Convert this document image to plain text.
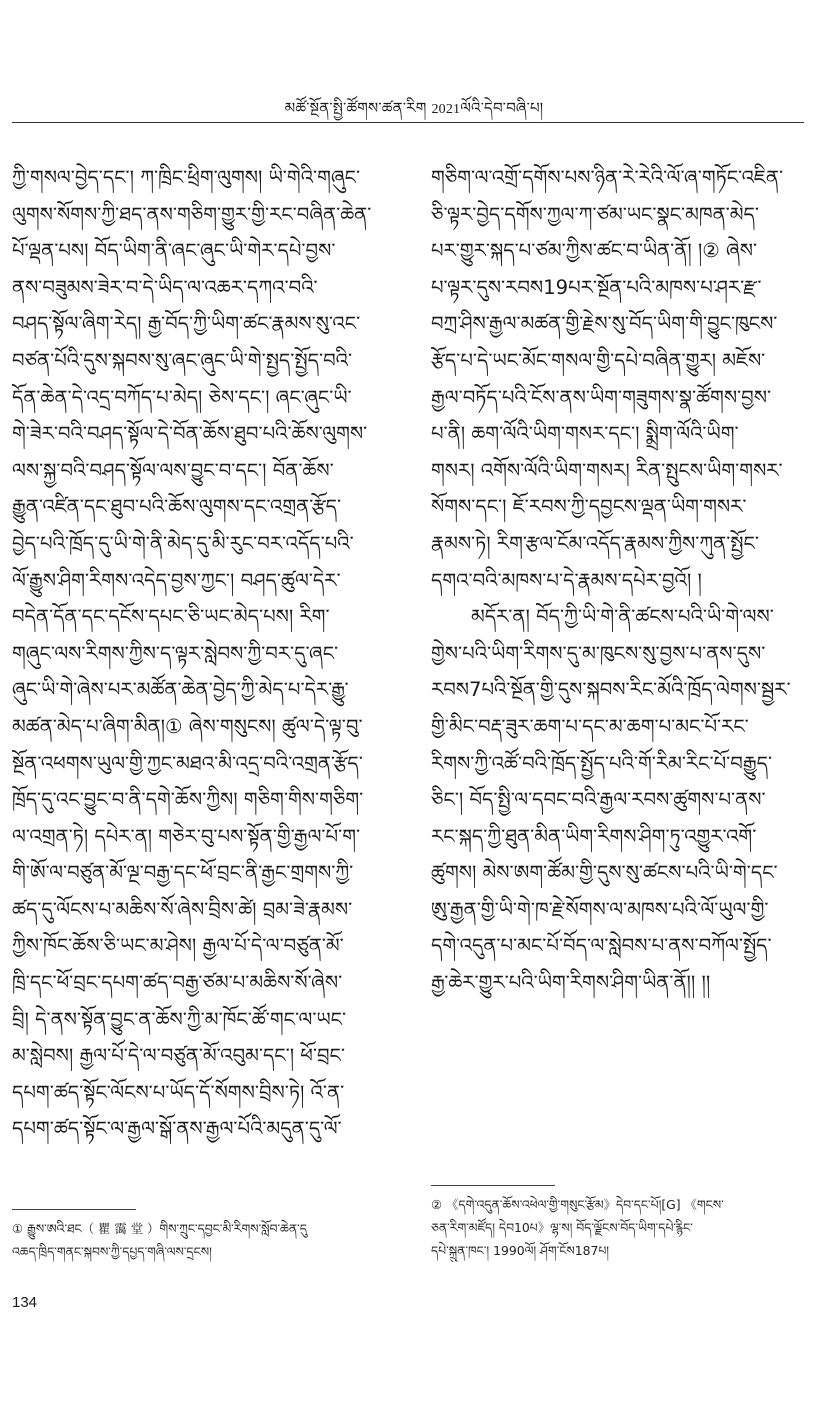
མཚོ་སྔོན་སྤྱི་ཚོགས་ཚན་རིག 2021ལོའི་དེབ་བཞི་པ།
ཀྱི་གསལ་བྱེད་དང་། ཀ་ཁྲིང་ཕྲིག་ལུགས། ཡི་གེའི་གཞུང་
ལུགས་སོགས་ཀྱི་ཐད་ནས་གཅིག་གྱུར་གྱི་རང་བཞིན་ཆེན་
པོ་ལྡན་པས། བོད་ཡིག་ནི་ཞང་ཞུང་ཡི་གེར་དཔེ་བྱས་
ནས་བཟུམས་ཟེར་བ་དེ་ཡིད་ལ་འཆར་དཀའ་བའི་
བཤད་སྟོལ་ཞིག་རེད། རྒྱ་བོད་ཀྱི་ཡིག་ཚང་རྣམས་སུ་འང་
བཙན་པོའི་དུས་སྐབས་སུ་ཞང་ཞུང་ཡི་གེ་སྤྱད་སྤྱོད་བའི་
དོན་ཆེན་དེ་འདྲ་བཀོད་པ་མེད། ཅེས་དང་། ཞང་ཞུང་ཡི་
གེ་ཟེར་བའི་བཤད་སྟོལ་དེ་བོན་ཆོས་ཐུབ་པའི་ཆོས་ལུགས་
ལས་སྐྱ་བའི་བཤད་སྟོལ་ལས་བྱུང་བ་དང་། བོན་ཆོས་
རྒྱུན་འཛིན་དང་ཐུབ་པའི་ཆོས་ལུགས་དང་འགྲན་རྩོད་
བྱེད་པའི་ཁྲོད་དུ་ཡི་གེ་ནི་མེད་དུ་མི་རུང་བར་འདོད་པའི་
ལོ་རྒྱུས་ཤིག་རིགས་འདེད་བྱས་ཀྱང་། བཤད་ཚུལ་དེར་
བདེན་དོན་དང་དངོས་དཔང་ཅི་ཡང་མེད་པས། རིག་
གཞུང་ལས་རིགས་ཀྱིས་ད་ལྟར་སླེབས་ཀྱི་བར་དུ་ཞང་
ཞུང་ཡི་གེ་ཞེས་པར་མཚོན་ཆེན་བྱེད་ཀྱི་མེད་པ་དེར་རྒྱུ་
མཚན་མེད་པ་ཞིག་མིན།① ཞེས་གསུངས། ཚུལ་དེ་ལྟ་བུ་
སྔོན་འཕགས་ཡུལ་གྱི་ཀྱང་མཐའ་མི་འདྲ་བའི་འགྲན་རྩོད་
ཁྲོད་དུ་འང་བྱུང་བ་ནི་དགེ་ཆོས་ཀྱིས། གཅིག་གིས་གཅིག་
ལ་འགྲན་ཏེ། དཔེར་ན། གཅེར་བུ་པས་སྟོན་གྱི་རྒྱལ་པོ་ག་
གི་ཨོ་ལ་བཙུན་མོ་ལྔ་བརྒྱ་དང་ཕོ་བྲང་ནི་རྒྱང་གྲགས་ཀྱི་
ཚད་དུ་ལོངས་པ་མཆིས་སོ་ཞེས་བྲིས་ཚེ། བྲམ་ཟེ་རྣམས་
ཀྱིས་ཁོང་ཆོས་ཅི་ཡང་མ་ཤེས། རྒྱལ་པོ་དེ་ལ་བཙུན་མོ་
ཁྲི་དང་ཕོ་བྲང་དཔག་ཚད་བརྒྱ་ཙམ་པ་མཆིས་སོ་ཞེས་
བྲི། དེ་ནས་སྟོན་བྱུང་ན་ཆོས་ཀྱི་མ་ཁོང་ཚོ་གང་ལ་ཡང་
མ་སླེབས། རྒྱལ་པོ་དེ་ལ་བཙུན་མོ་འབུམ་དང་། ཕོ་བྲང་
དཔག་ཚད་སྟོང་ལོངས་པ་ཡོད་དོ་སོགས་བྲིས་ཏེ། འོ་ན་
དཔག་ཚད་སྟོང་ལ་རྒྱལ་སྒོ་ནས་རྒྱལ་པོའི་མདུན་དུ་ལོ་
གཅིག་ལ་འགྲོ་དགོས་པས་ཉིན་རེ་རེའི་ལོ་ཞ་གཏོང་འཇིན་
ཅི་ལྟར་བྱེད་དགོས་ཀྱལ་ཀ་ཙམ་ཡང་སྣང་མཁན་མེད་
པར་གྱུར་སྐད་པ་ཙམ་ཀྱིས་ཚང་བ་ཡིན་ནོ། །② ཞེས་
པ་ལྟར་དུས་རབས19པར་སྔོན་པའི་མཁས་པ་ཤར་རྫ་
བཀྲ་ཤིས་རྒྱལ་མཚན་གྱི་རྗེས་སུ་བོད་ཡིག་གི་བྱུང་ཁུངས་
རྩོད་པ་དེ་ཡང་མོང་གསལ་གྱི་དཔེ་བཞིན་གྱུར། མཇོས་
རྒྱལ་བཏོད་པའི་ངོས་ནས་ཡིག་གཟུགས་སྣ་ཚོགས་བྱས་
པ་ནི། ཆག་ལོའི་ཡིག་གསར་དང་། སྨྲིག་ལོའི་ཡིག་
གསར། འགོས་ལོའི་ཡིག་གསར། རིན་སྤུངས་ཡིག་གསར་
སོགས་དང་། ཇོ་རབས་ཀྱི་དབྱངས་ལྡན་ཡིག་གསར་
རྣམས་ཏེ། རིག་རྩལ་ངོམ་འདོད་རྣམས་ཀྱིས་ཀུན་སྤྱོང་
དགའ་བའི་མཁས་པ་དེ་རྣམས་དཔེར་བྱའོ། །
མདོར་ན། བོད་ཀྱི་ཡི་གེ་ནི་ཚངས་པའི་ཡི་གེ་ལས་
གྱེས་པའི་ཡིག་རིགས་དུ་མ་ཁུངས་སུ་བྱས་པ་ནས་དུས་
རབས7པའི་སྔོན་གྱི་དུས་སྐབས་རིང་མོའི་ཁྲོད་ལེགས་སྦྱར་
གྱི་མིང་བརྡ་ཟུར་ཆག་པ་དང་མ་ཆག་པ་མང་པོ་རང་
རིགས་ཀྱི་འཚོ་བའི་ཁྲོད་སྤྱོད་པའི་གོ་རིམ་རིང་པོ་བརྒྱུད་
ཅིང་། བོད་སྤྱི་ལ་དབང་བའི་རྒྱལ་རབས་ཚུགས་པ་ནས་
རང་སྐད་ཀྱི་ཐུན་མིན་ཡིག་རིགས་ཤིག་ཏུ་འགྱུར་འགོ་
ཚུགས། མེས་ཨག་ཚོམ་གྱི་དུས་སུ་ཚངས་པའི་ཡི་གེ་དང་
ཨུ་རྒྱན་གྱི་ཡི་གེ་ཁ་རྗེ་སོགས་ལ་མཁས་པའི་ལོ་ཡུལ་གྱི་
དགེ་འདུན་པ་མང་པོ་བོད་ལ་སླེབས་པ་ནས་བཀོལ་སྤྱོད་
རྒྱ་ཆེར་གྱུར་པའི་ཡིག་རིགས་ཤིག་ཡིན་ནོ།། །།
① རྒྱུས་ཨའི་ཐང（ 瞿 霭 堂 ）གིས་ཀྲུང་དབྱང་མི་རིགས་སློབ་ཆེན་དུ
འཆད་ཁྲིད་གནང་སྐབས་ཀྱི་དཔྱད་གཞི་ལས་དྲངས།
② 《དགེ་འདུན་ཆོས་འཕེལ་གྱི་གསུང་རྩོམ》དེབ་དང་པོ།[G] 《གངས་
ཅན་རིག་མཛོད། དེབ10པ》ལྷ་ས། བོད་ལྗོངས་བོད་ཡིག་དཔེ་རྙིང་
དཔེ་སྐྲུན་ཁང་། 1990ལོ། ཤོག་ངོས187པ།
134
